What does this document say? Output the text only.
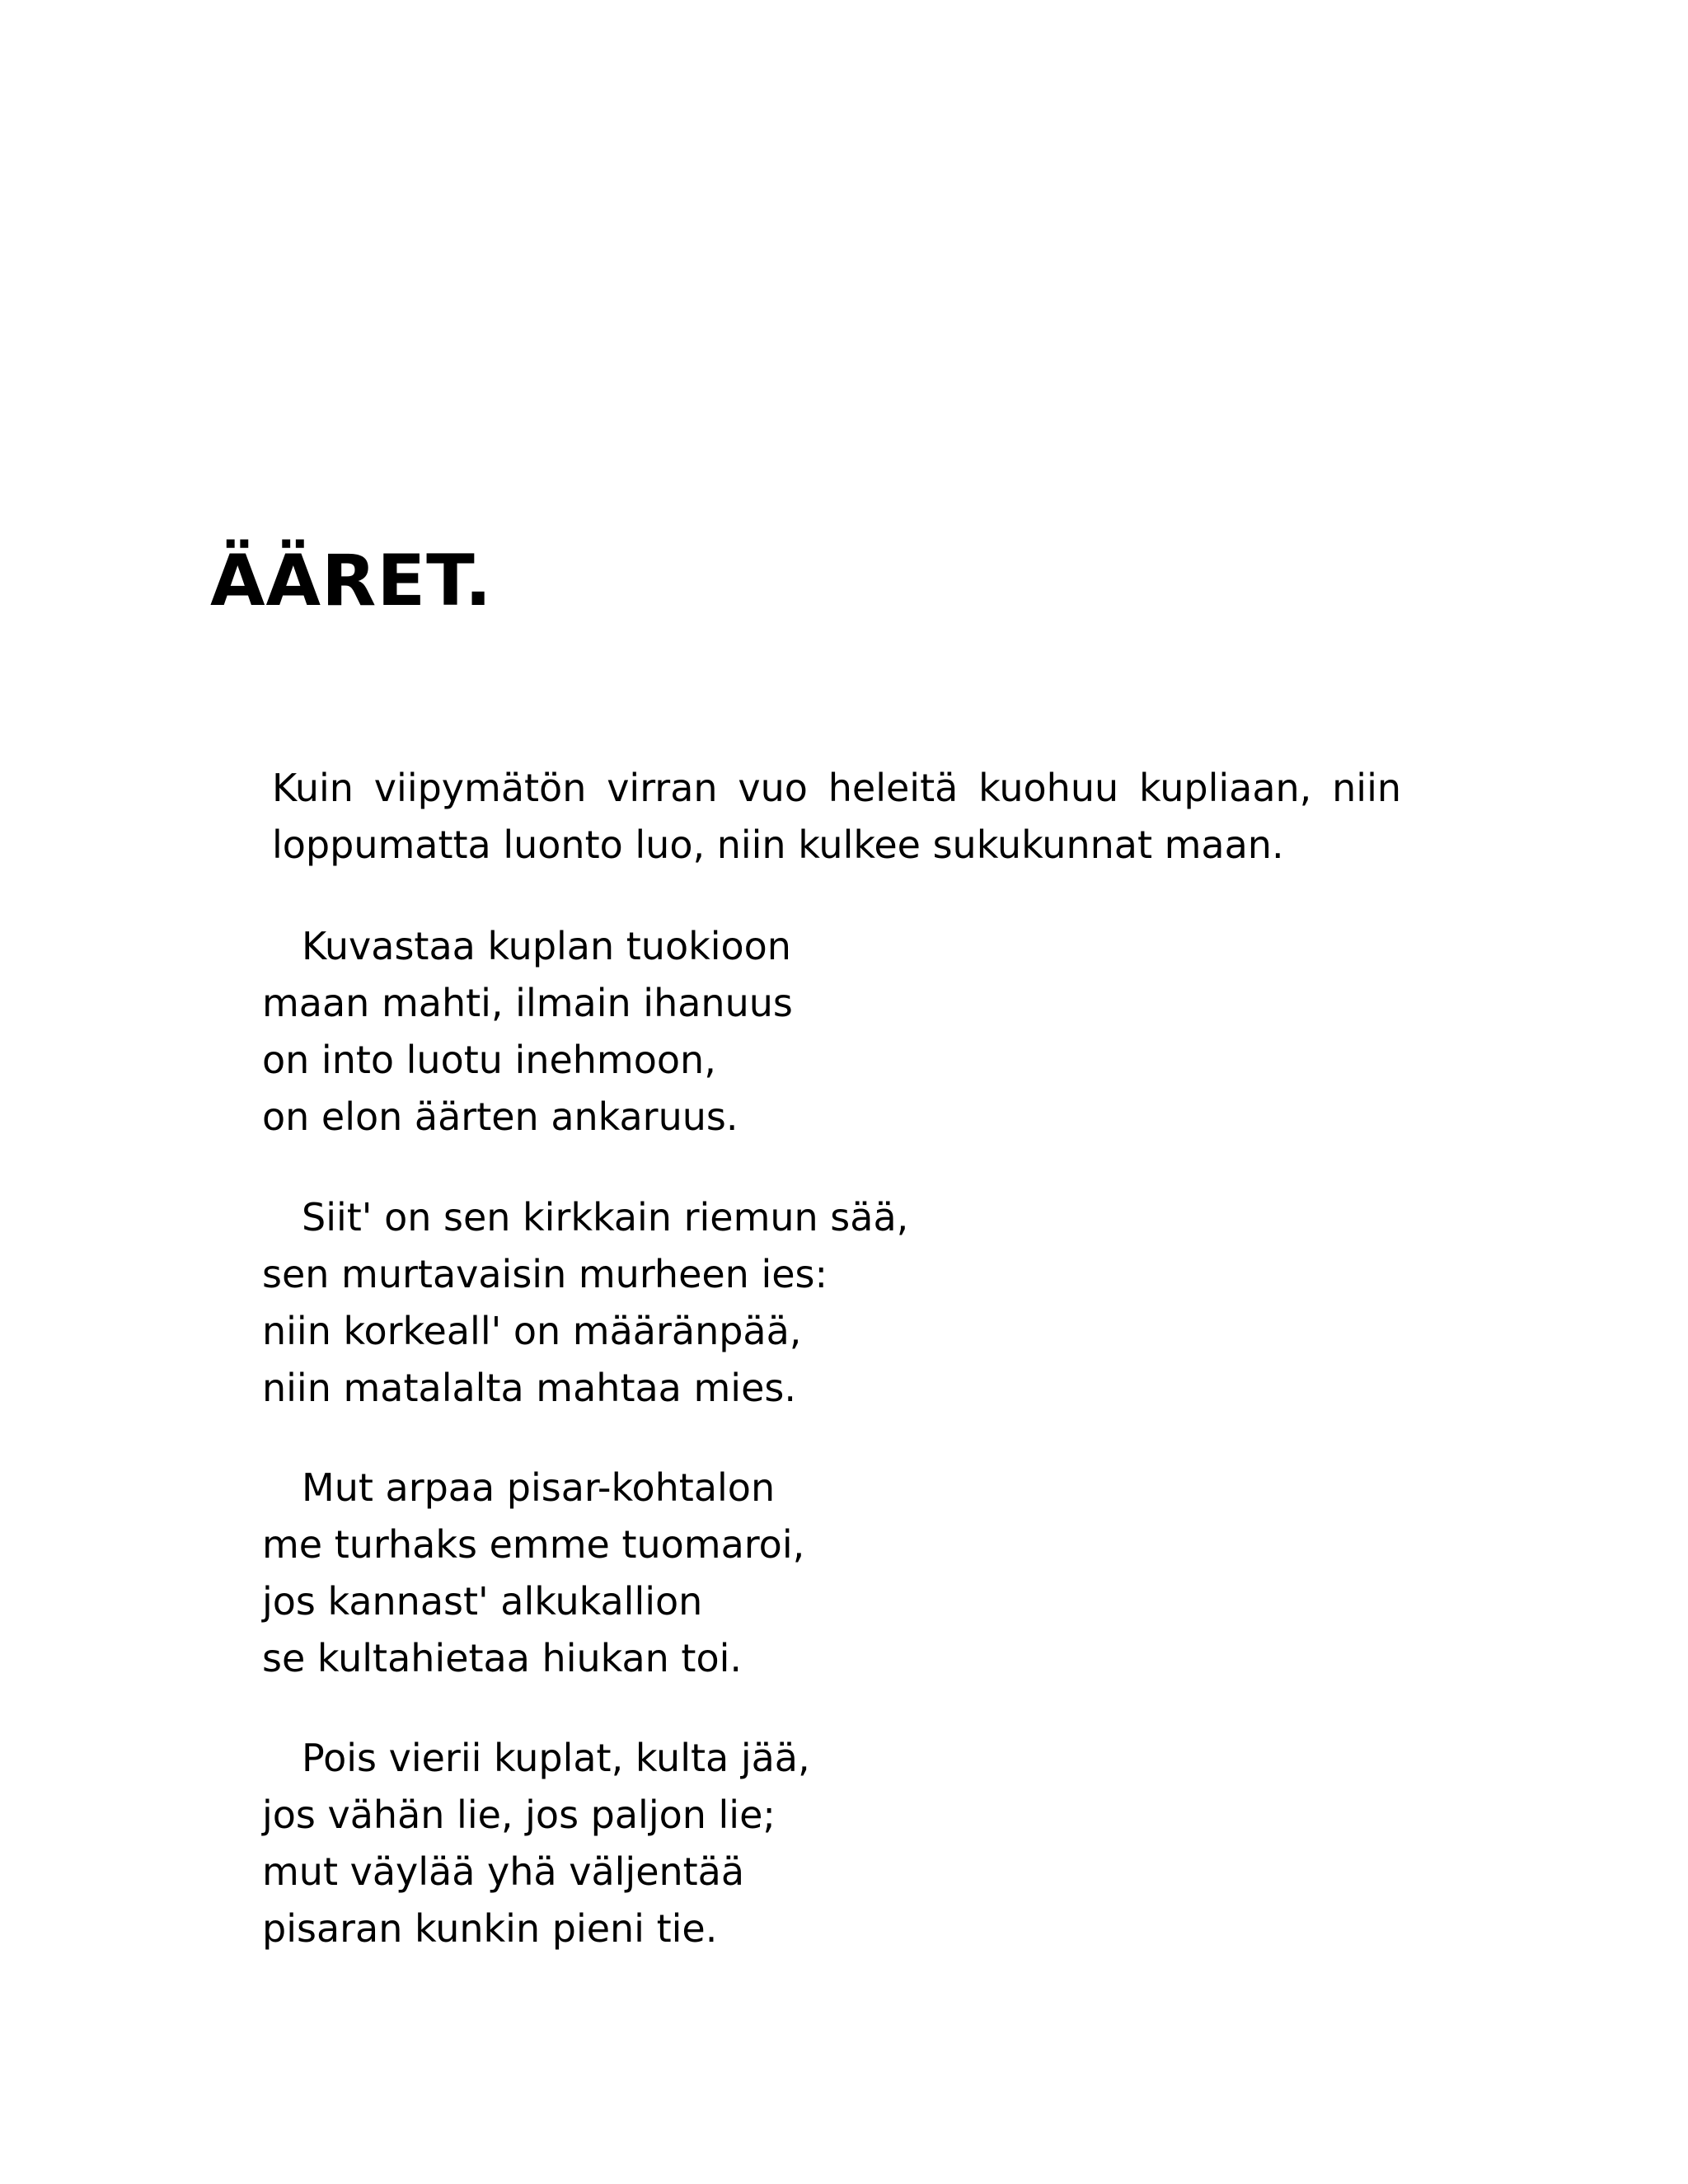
ÄÄRET.

Kuin viipymätön virran vuo heleitä kuohuu kupliaan, niin loppumatta luonto luo, niin kulkee sukukunnat maan.

Kuvastaa kuplan tuokioon
maan mahti, ilmain ihanuus
on into luotu inehmoon,
on elon äärten ankaruus.
Siit' on sen kirkkain riemun sää,
sen murtavaisin murheen ies:
niin korkeall' on määränpää,
niin matalalta mahtaa mies.
Mut arpaa pisar-kohtalon
me turhaks emme tuomaroi,
jos kannast' alkukallion
se kultahietaa hiukan toi.
Pois vierii kuplat, kulta jää,
jos vähän lie, jos paljon lie;
mut väylää yhä väljentää
pisaran kunkin pieni tie.
